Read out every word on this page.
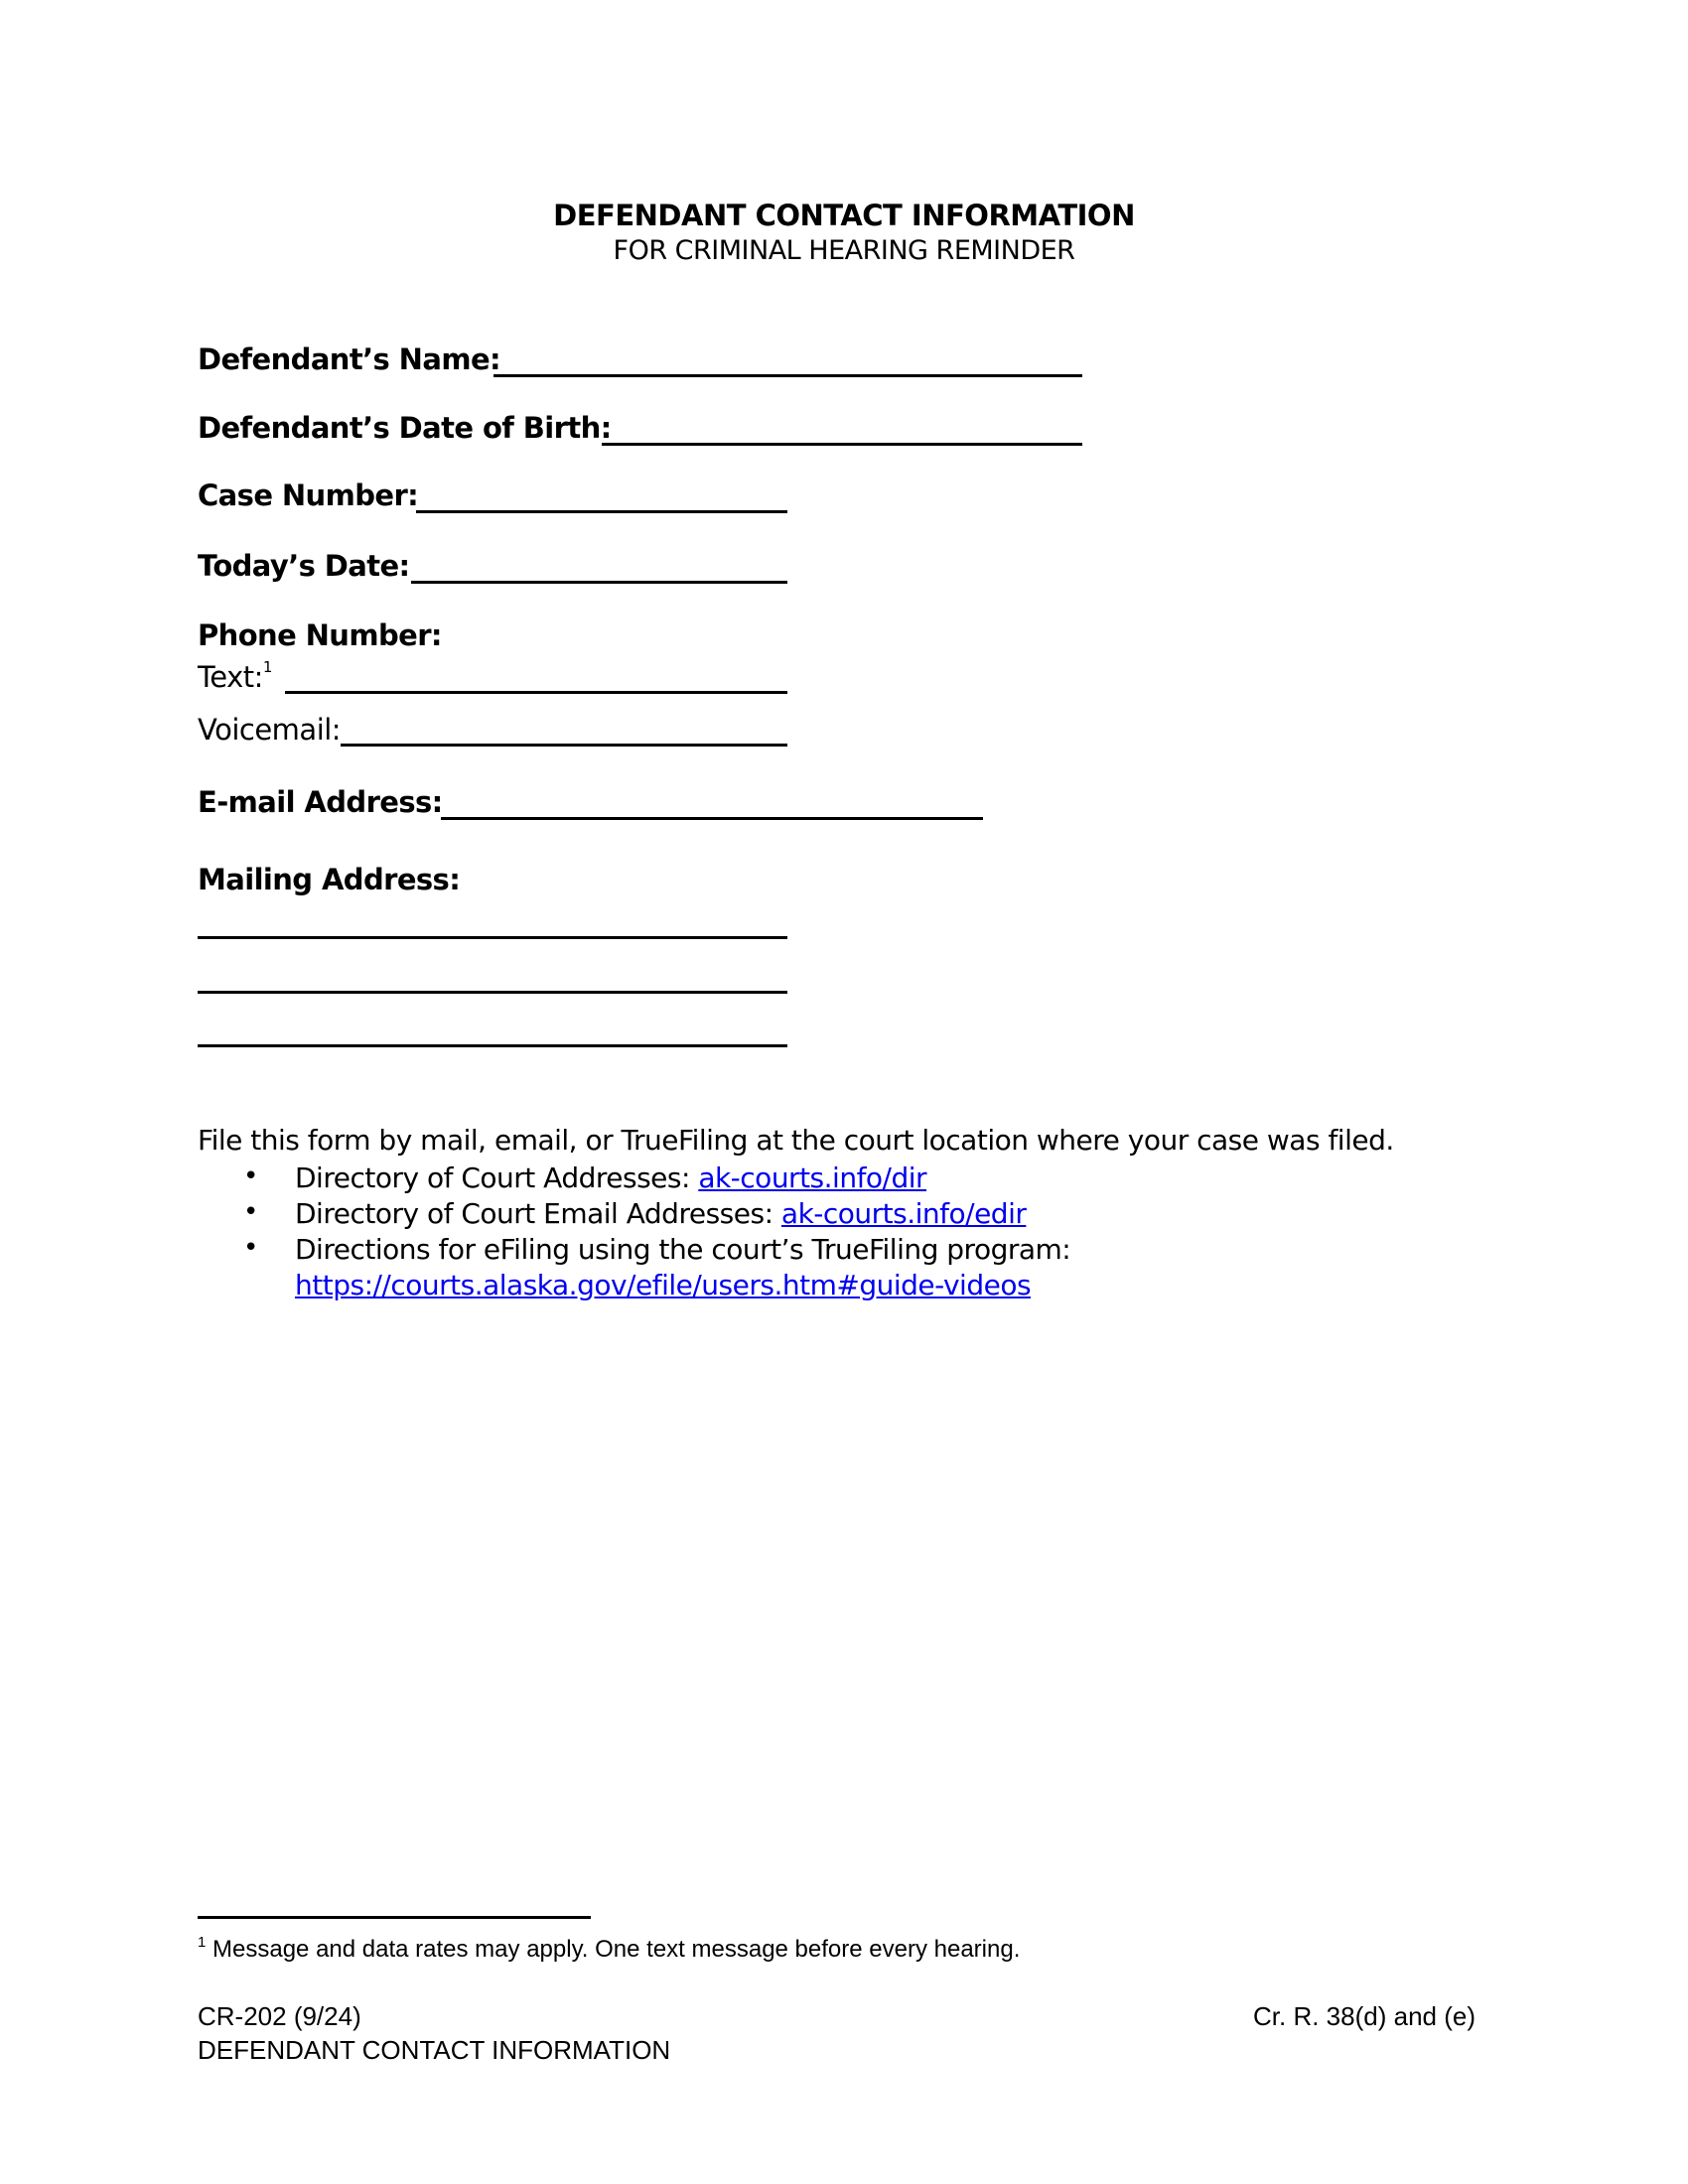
DEFENDANT CONTACT INFORMATION
FOR CRIMINAL HEARING REMINDER
Defendant’s Name:
Defendant’s Date of Birth:
Case Number:
Today’s Date:
Phone Number:
Text:$^1$
Voicemail:
E-mail Address:
Mailing Address:
File this form by mail, email, or TrueFiling at the court location where your case was filed.
• Directory of Court Addresses: ak-courts.info/dir
• Directory of Court Email Addresses: ak-courts.info/edir
• Directions for eFiling using the court’s TrueFiling program:
https://courts.alaska.gov/efile/users.htm#guide-videos
$^1$ Message and data rates may apply. One text message before every hearing.
CR-202 (9/24)
DEFENDANT CONTACT INFORMATION
Cr. R. 38(d) and (e)
